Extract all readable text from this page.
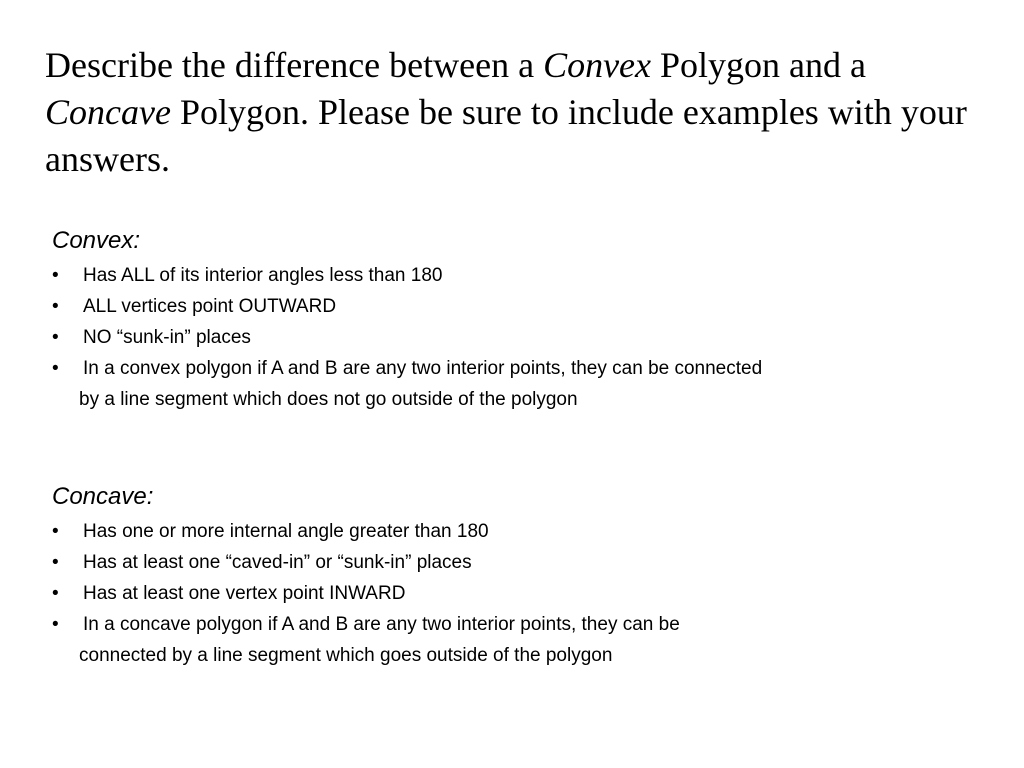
Describe the difference between a Convex Polygon and a Concave Polygon. Please be sure to include examples with your answers.
Convex:
• Has ALL of its interior angles less than 180
• ALL vertices point OUTWARD
• NO “sunk-in” places
• In a convex polygon if A and B are any two interior points, they can be connected
by a line segment which does not go outside of the polygon
Concave:
• Has one or more internal angle greater than 180
• Has at least one “caved-in” or “sunk-in” places
• Has at least one vertex point INWARD
• In a concave polygon if A and B are any two interior points, they can be
connected by a line segment which goes outside of the polygon
